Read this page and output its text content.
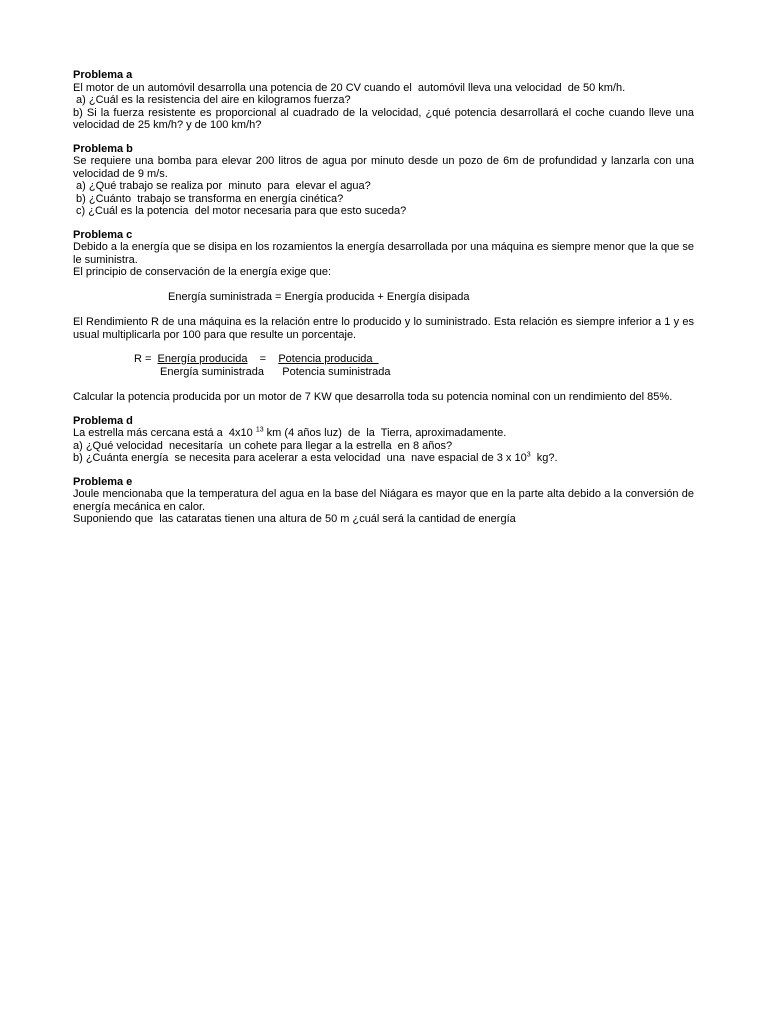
Problema a
El motor de un automóvil desarrolla una potencia de 20 CV cuando el  automóvil lleva una velocidad  de 50 km/h.
a) ¿Cuál es la resistencia del aire en kilogramos fuerza?
b) Si la fuerza resistente es proporcional al cuadrado de la velocidad, ¿qué potencia desarrollará el coche cuando lleve una velocidad de 25 km/h? y de 100 km/h?
Problema b
Se requiere una bomba para elevar 200 litros de agua por minuto desde un pozo de 6m de profundidad y lanzarla con una velocidad de 9 m/s.
a) ¿Qué trabajo se realiza por  minuto  para  elevar el agua?
b) ¿Cuánto  trabajo se transforma en energía cinética?
c) ¿Cuál es la potencia  del motor necesaria para que esto suceda?
Problema c
Debido a la energía que se disipa en los rozamientos la energía desarrollada por una máquina es siempre menor que la que se le suministra.
El principio de conservación de la energía exige que:
Energía suministrada = Energía producida + Energía disipada
El Rendimiento R de una máquina es la relación entre lo producido y lo suministrado. Esta relación es siempre inferior a 1 y es usual multiplicarla por 100 para que resulte un porcentaje.
R =  Energía producida    =    Potencia producida
Energía suministrada Potencia suministrada
Calcular la potencia producida por un motor de 7 KW que desarrolla toda su potencia nominal con un rendimiento del 85%.
Problema d
La estrella más cercana está a  4x10 $^{13}$ km (4 años luz)  de  la  Tierra, aproximadamente.
a) ¿Qué velocidad  necesitaría  un cohete para llegar a la estrella  en 8 años?
b) ¿Cuánta energía  se necesita para acelerar a esta velocidad  una  nave espacial de 3 x $10^3$  kg?.
Problema e
Joule mencionaba que la temperatura del agua en la base del Niágara es mayor que en la parte alta debido a la conversión de energía mecánica en calor.
Suponiendo que  las cataratas tienen una altura de 50 m ¿cuál será la cantidad de energía
